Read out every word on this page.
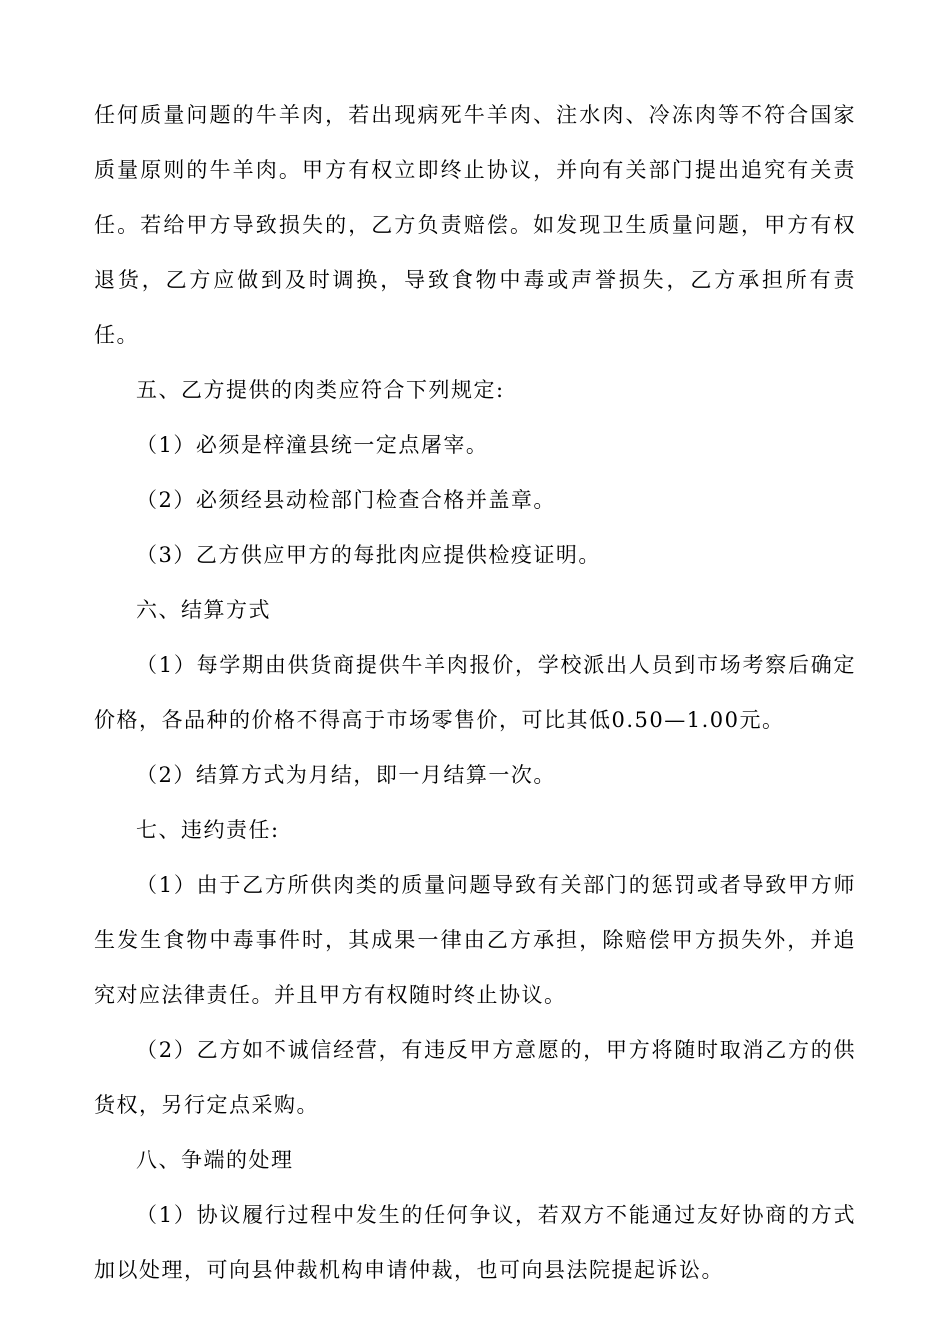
任何质量问题的牛羊肉，若出现病死牛羊肉、注水肉、冷冻肉等不符合国家质量原则的牛羊肉。甲方有权立即终止协议，并向有关部门提出追究有关责任。若给甲方导致损失的，乙方负责赔偿。如发现卫生质量问题，甲方有权退货，乙方应做到及时调换，导致食物中毒或声誉损失，乙方承担所有责任。

五、乙方提供的肉类应符合下列规定:

（1）必须是梓潼县统一定点屠宰。

（2）必须经县动检部门检查合格并盖章。

（3）乙方供应甲方的每批肉应提供检疫证明。

六、结算方式

（1）每学期由供货商提供牛羊肉报价，学校派出人员到市场考察后确定价格，各品种的价格不得高于市场零售价，可比其低0.50—1.00元。

（2）结算方式为月结，即一月结算一次。

七、违约责任:

（1）由于乙方所供肉类的质量问题导致有关部门的惩罚或者导致甲方师生发生食物中毒事件时，其成果一律由乙方承担，除赔偿甲方损失外，并追究对应法律责任。并且甲方有权随时终止协议。

（2）乙方如不诚信经营，有违反甲方意愿的，甲方将随时取消乙方的供货权，另行定点采购。

八、争端的处理

（1）协议履行过程中发生的任何争议，若双方不能通过友好协商的方式加以处理，可向县仲裁机构申请仲裁，也可向县法院提起诉讼。
